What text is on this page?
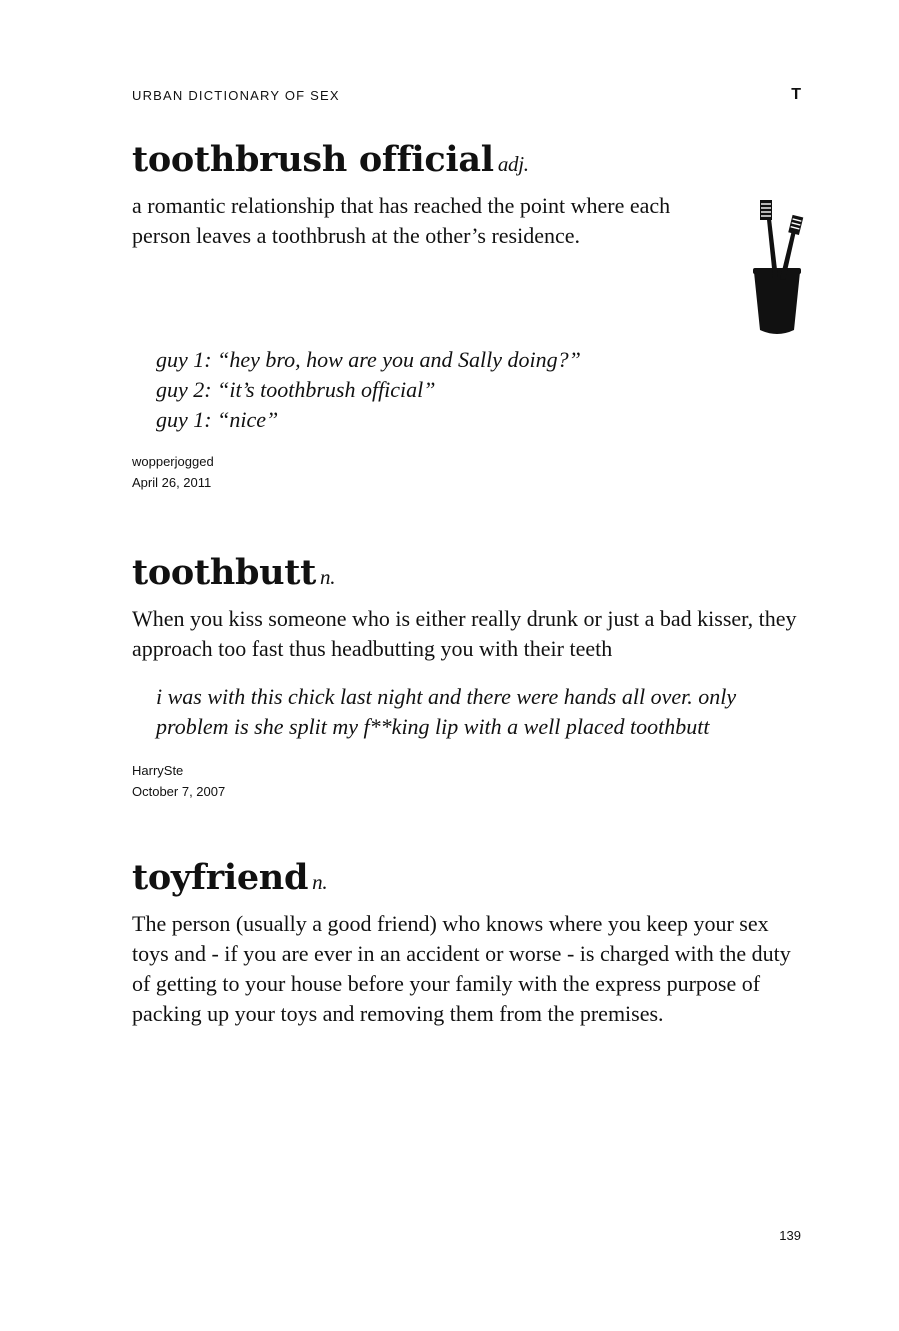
URBAN DICTIONARY OF SEX	T
toothbrush official adj.

a romantic relationship that has reached the point where each person leaves a toothbrush at the other’s residence.

guy 1: “hey bro, how are you and Sally doing?”
guy 2: “it’s toothbrush official”
guy 1: “nice”
wopperjogged
April 26, 2011
toothbutt n.

When you kiss someone who is either really drunk or just a bad kisser, they approach too fast thus headbutting you with their teeth

i was with this chick last night and there were hands all over. only problem is she split my f**king lip with a well placed toothbutt
HarrySte
October 7, 2007
toyfriend n.

The person (usually a good friend) who knows where you keep your sex toys and - if you are ever in an accident or worse - is charged with the duty of getting to your house before your family with the express purpose of packing up your toys and removing them from the premises.

139
